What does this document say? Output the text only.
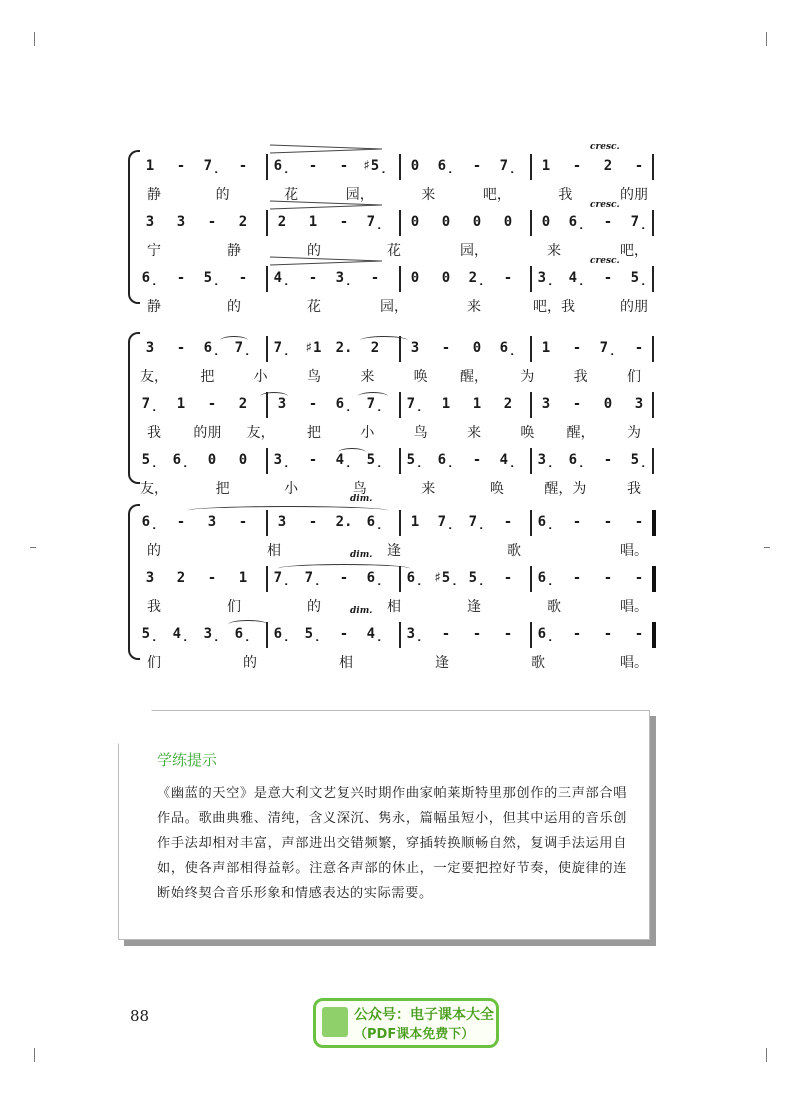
cresc.
cresc.
cresc.
1 - 7̣ - 6̣ - - ♯5̣ 0 6̣ - 7̣ 1 - 2 -
静	的	花	园，	来	吧，	我	的朋
3 3 - 2 2 1 - 7̣ 0 0 0 0 0 6̣ - 7̣
宁	静	的	花	园，	来	吧，
6̣ - 5̣ - 4̣ - 3̣ - 0 0 2̣ - 3̣ 4̣ - 5̣
静	的	花	园，	来	吧，我	的朋
3 - 6̣ 7̣ 7̣ ♯1 2. 2 3 - 0 6̣ 1 - 7̣ -
友， 把	小	鸟	来	唤 醒， 为	我	们
7̣ 1 - 2 3 - 6̣ 7̣ 7̣ 1 1 2 3 - 0 3
我 的朋 友， 把	小	鸟	来	唤 醒， 为
5̣ 6̣ 0 0 3̣ - 4̣ 5̣ 5̣ 6̣ - 4̣ 3̣ 6̣ - 5̣
友，	把	小	鸟	来	唤	醒，为	我
dim.
dim.
dim.
6̣ - 3 - 3 - 2. 6̣ 1 7̣ 7̣ - 6̣ - - -
的	相	逢	歌	唱。
3 2 - 1 7̣ 7̣ - 6̣ 6̣ ♯5̣ 5̣ - 6̣ - - -
我	们	的	相	逢	歌	唱。
5̣ 4̣ 3̣ 6̣ 6̣ 5̣ - 4̣ 3̣ - - - 6̣ - - -
们	的	相	逢	歌	唱。
学练提示
《幽蓝的天空》是意大利文艺复兴时期作曲家帕莱斯特里那创作的三声部合唱作品。歌曲典雅、清纯，含义深沉、隽永，篇幅虽短小，但其中运用的音乐创作手法却相对丰富，声部进出交错频繁，穿插转换顺畅自然，复调手法运用自如，使各声部相得益彰。注意各声部的休止，一定要把控好节奏，使旋律的连断始终契合音乐形象和情感表达的实际需要。
88	公众号：电子课本大全
（PDF课本免费下）
